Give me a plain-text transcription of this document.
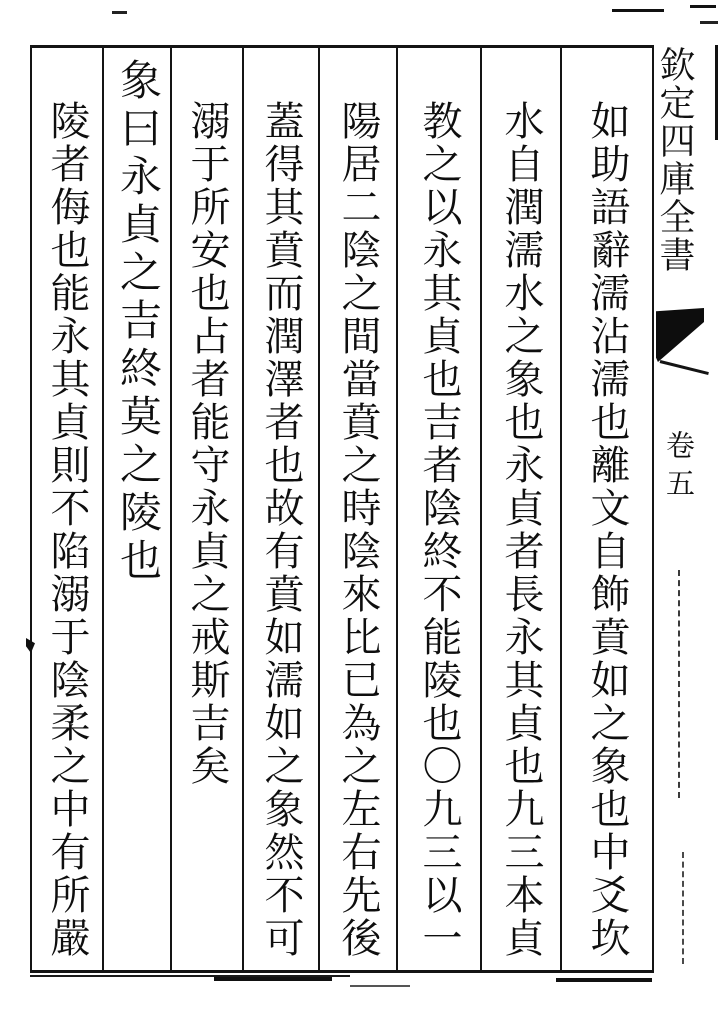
欽定四庫全書
卷五
如助語辭濡沾濡也離文自飾賁如之象也中爻坎
水自潤濡水之象也永貞者長永其貞也九三本貞
教之以永其貞也吉者陰終不能陵也〇九三以一
陽居二陰之間當賁之時陰來比已為之左右先後
蓋得其賁而潤澤者也故有賁如濡如之象然不可
溺于所安也占者能守永貞之戒斯吉矣
象曰永貞之吉終莫之陵也
陵者侮也能永其貞則不陷溺于陰柔之中有所嚴
